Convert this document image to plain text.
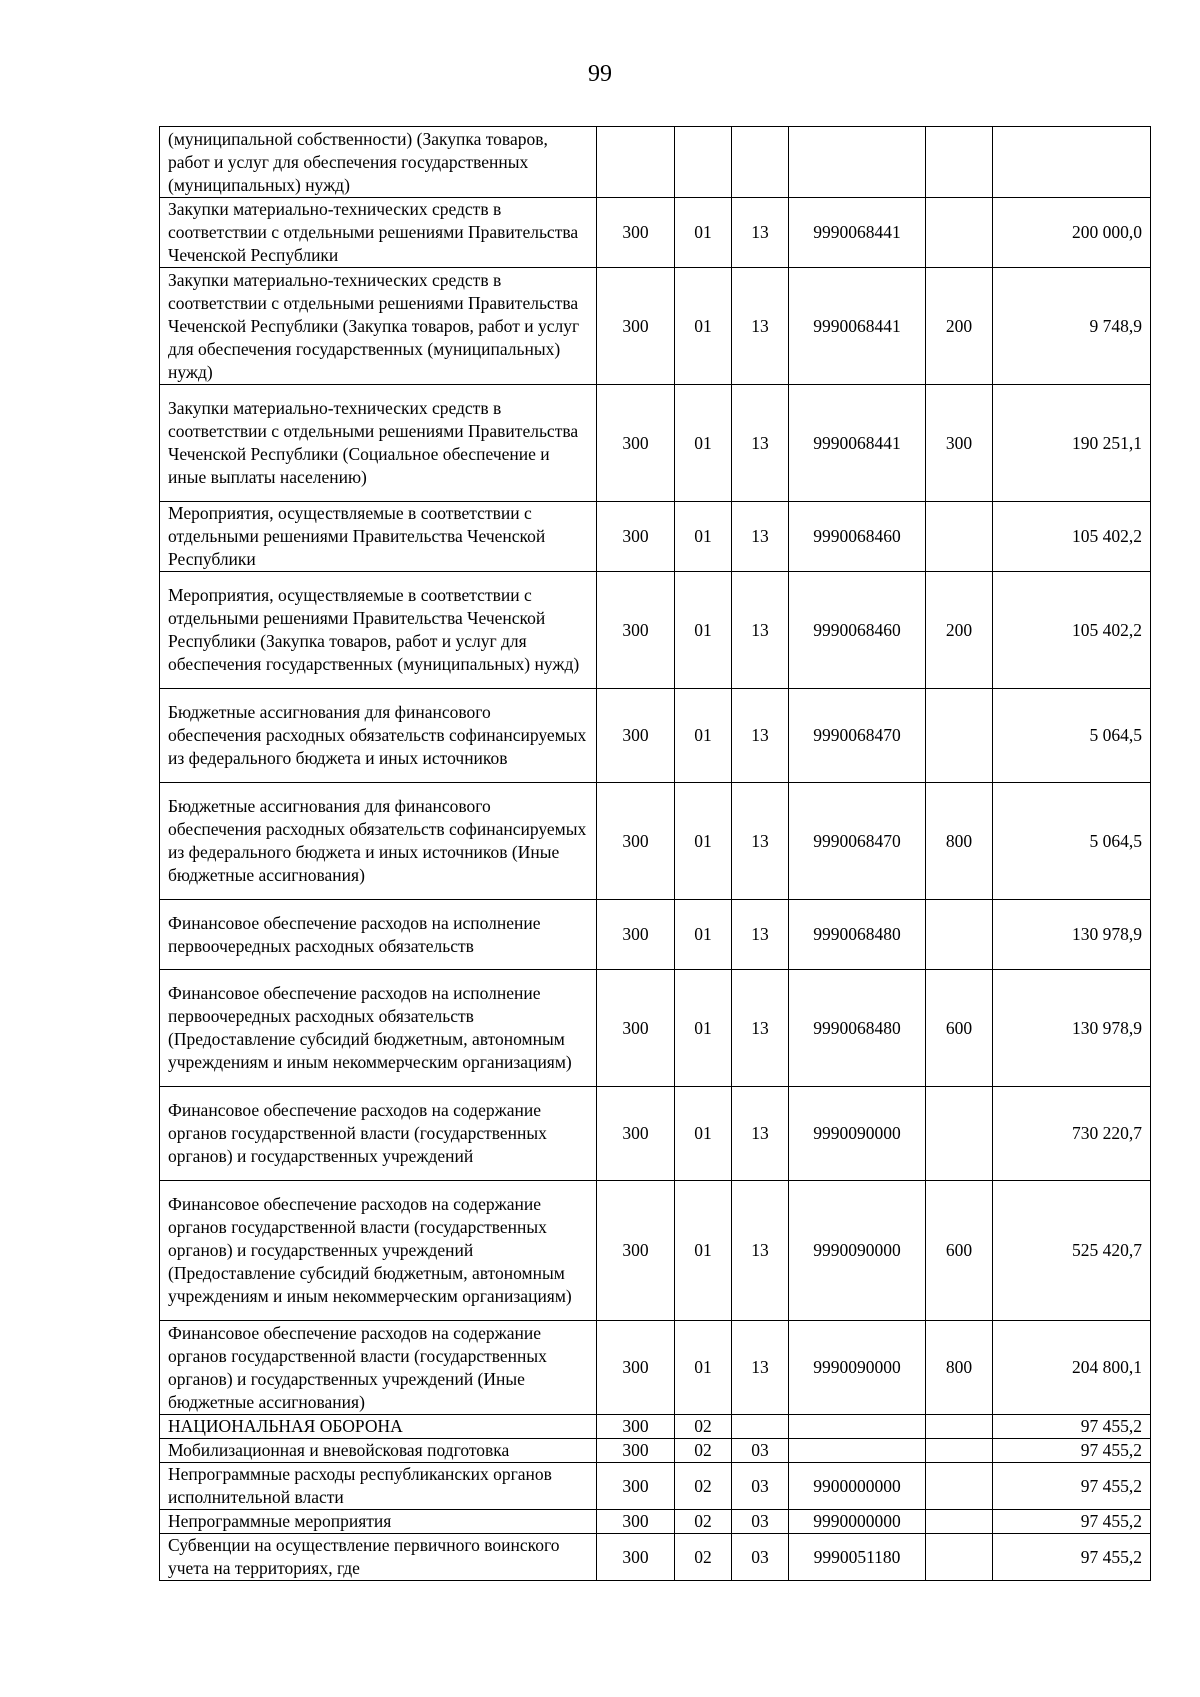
99
(муниципальной собственности) (Закупка товаров, работ и услуг для обеспечения государственных (муниципальных) нужд)						
Закупки материально-технических средств в соответствии с отдельными решениями Правительства Чеченской Республики	300	01	13	9990068441		200 000,0
Закупки материально-технических средств в соответствии с отдельными решениями Правительства Чеченской Республики (Закупка товаров, работ и услуг для обеспечения государственных (муниципальных) нужд)	300	01	13	9990068441	200	9 748,9
Закупки материально-технических средств в соответствии с отдельными решениями Правительства Чеченской Республики (Социальное обеспечение и иные выплаты населению)	300	01	13	9990068441	300	190 251,1
Мероприятия, осуществляемые в соответствии с отдельными решениями Правительства Чеченской Республики	300	01	13	9990068460		105 402,2
Мероприятия, осуществляемые в соответствии с отдельными решениями Правительства Чеченской Республики (Закупка товаров, работ и услуг для обеспечения государственных (муниципальных) нужд)	300	01	13	9990068460	200	105 402,2
Бюджетные ассигнования для финансового обеспечения расходных обязательств софинансируемых из федерального бюджета и иных источников	300	01	13	9990068470		5 064,5
Бюджетные ассигнования для финансового обеспечения расходных обязательств софинансируемых из федерального бюджета и иных источников (Иные бюджетные ассигнования)	300	01	13	9990068470	800	5 064,5
Финансовое обеспечение расходов на исполнение первоочередных расходных обязательств	300	01	13	9990068480		130 978,9
Финансовое обеспечение расходов на исполнение первоочередных расходных обязательств (Предоставление субсидий бюджетным, автономным учреждениям и иным некоммерческим организациям)	300	01	13	9990068480	600	130 978,9
Финансовое обеспечение расходов на содержание органов государственной власти (государственных органов) и государственных учреждений	300	01	13	9990090000		730 220,7
Финансовое обеспечение расходов на содержание органов государственной власти (государственных органов) и государственных учреждений (Предоставление субсидий бюджетным, автономным учреждениям и иным некоммерческим организациям)	300	01	13	9990090000	600	525 420,7
Финансовое обеспечение расходов на содержание органов государственной власти (государственных органов) и государственных учреждений (Иные бюджетные ассигнования)	300	01	13	9990090000	800	204 800,1
НАЦИОНАЛЬНАЯ ОБОРОНА	300	02				97 455,2
Мобилизационная и вневойсковая подготовка	300	02	03			97 455,2
Непрограммные расходы республиканских органов исполнительной власти	300	02	03	9900000000		97 455,2
Непрограммные мероприятия	300	02	03	9990000000		97 455,2
Субвенции на осуществление первичного воинского учета на территориях, где	300	02	03	9990051180		97 455,2
